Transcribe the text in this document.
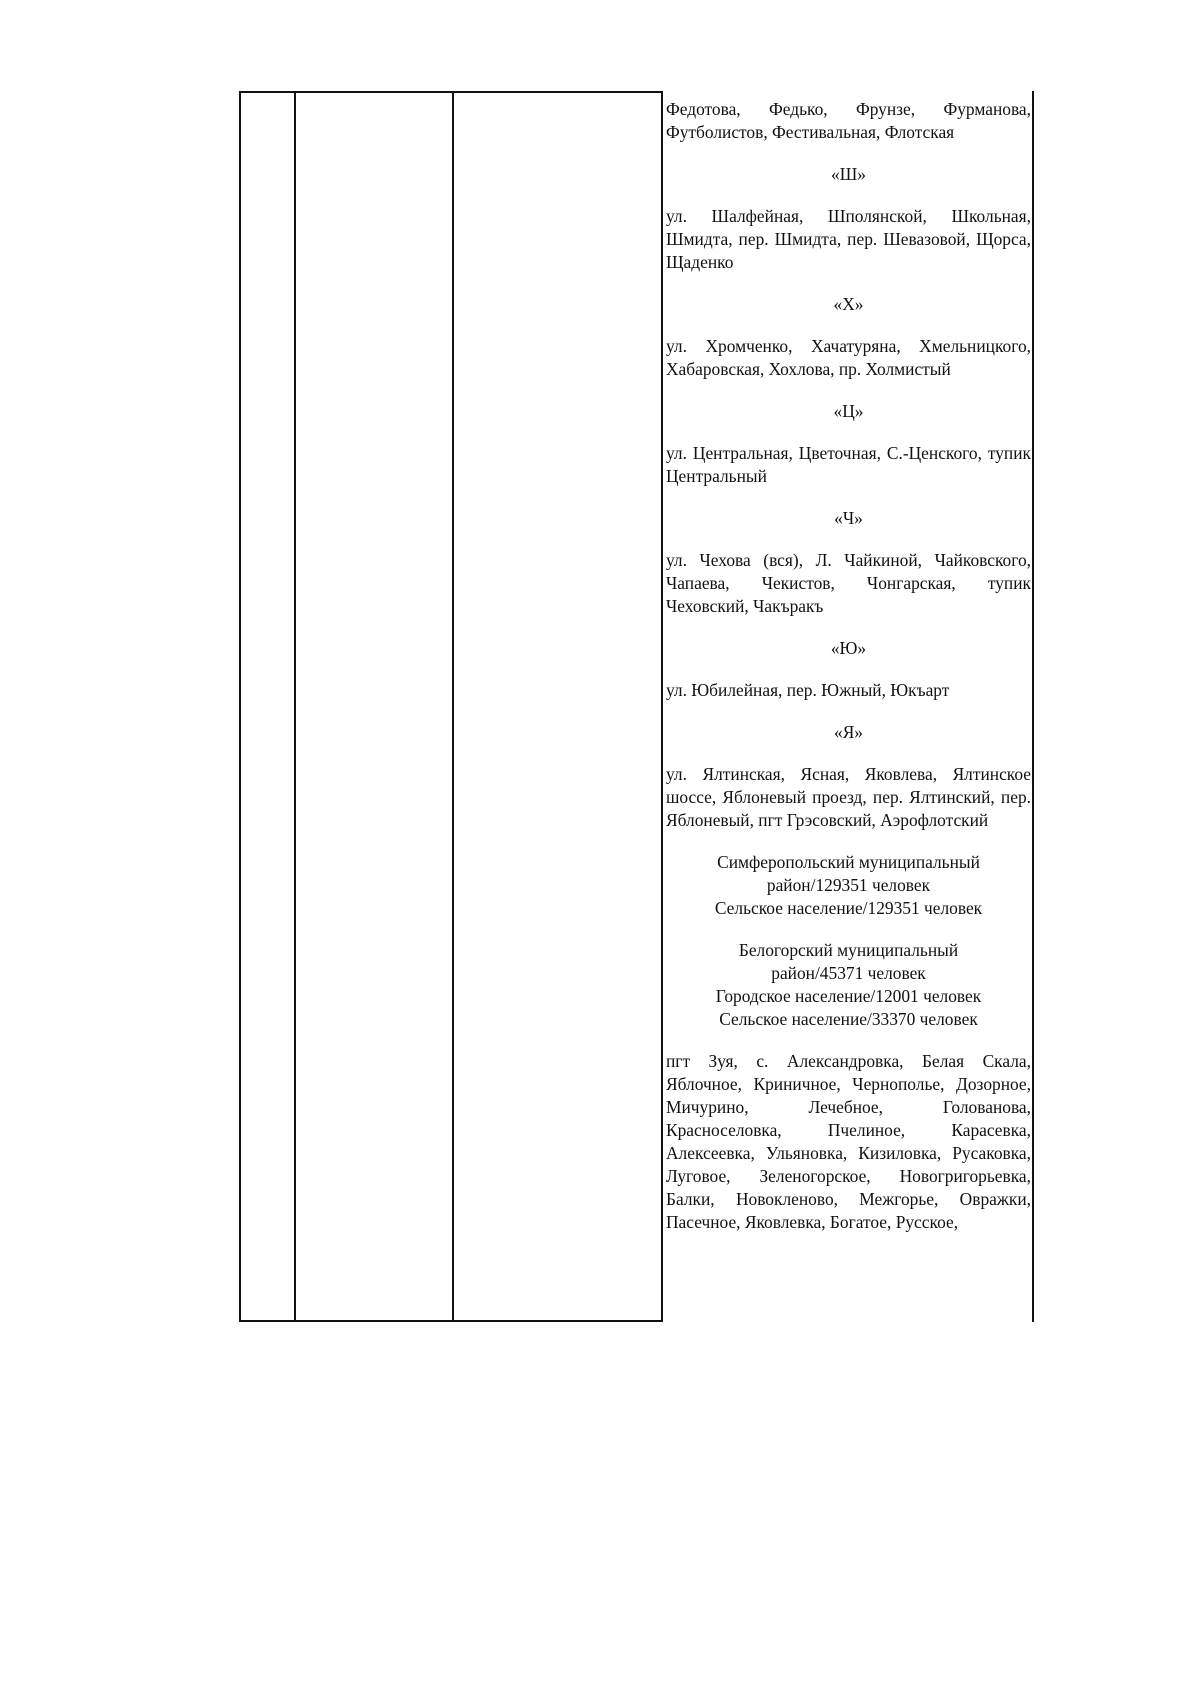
Федотова, Федько, Фрунзе, Фурманова, Футболистов, Фестивальная, Флотская

«Ш»

ул. Шалфейная, Шполянской, Школьная, Шмидта, пер. Шмидта, пер. Шевазовой, Щорса, Щаденко

«Х»

ул. Хромченко, Хачатуряна, Хмельницкого, Хабаровская, Хохлова, пр. Холмистый

«Ц»

ул. Центральная, Цветочная, С.-Ценского, тупик Центральный

«Ч»

ул. Чехова (вся), Л. Чайкиной, Чайковского, Чапаева, Чекистов, Чонгарская, тупик Чеховский, Чакъракъ

«Ю»

ул. Юбилейная, пер. Южный, Юкъарт

«Я»

ул. Ялтинская, Ясная, Яковлева, Ялтинское шоссе, Яблоневый проезд, пер. Ялтинский, пер. Яблоневый, пгт Грэсовский, Аэрофлотский

Симферопольский муниципальный
район/129351 человек
Сельское население/129351 человек
Белогорский муниципальный
район/45371 человек
Городское население/12001 человек
Сельское население/33370 человек

пгт Зуя, с. Александровка, Белая Скала, Яблочное, Криничное, Чернополье, Дозорное, Мичурино, Лечебное, Голованова, Красноселовка, Пчелиное, Карасевка, Алексеевка, Ульяновка, Кизиловка, Русаковка, Луговое, Зеленогорское, Новогригорьевка, Балки, Новокленово, Межгорье, Овражки, Пасечное, Яковлевка, Богатое, Русское,
